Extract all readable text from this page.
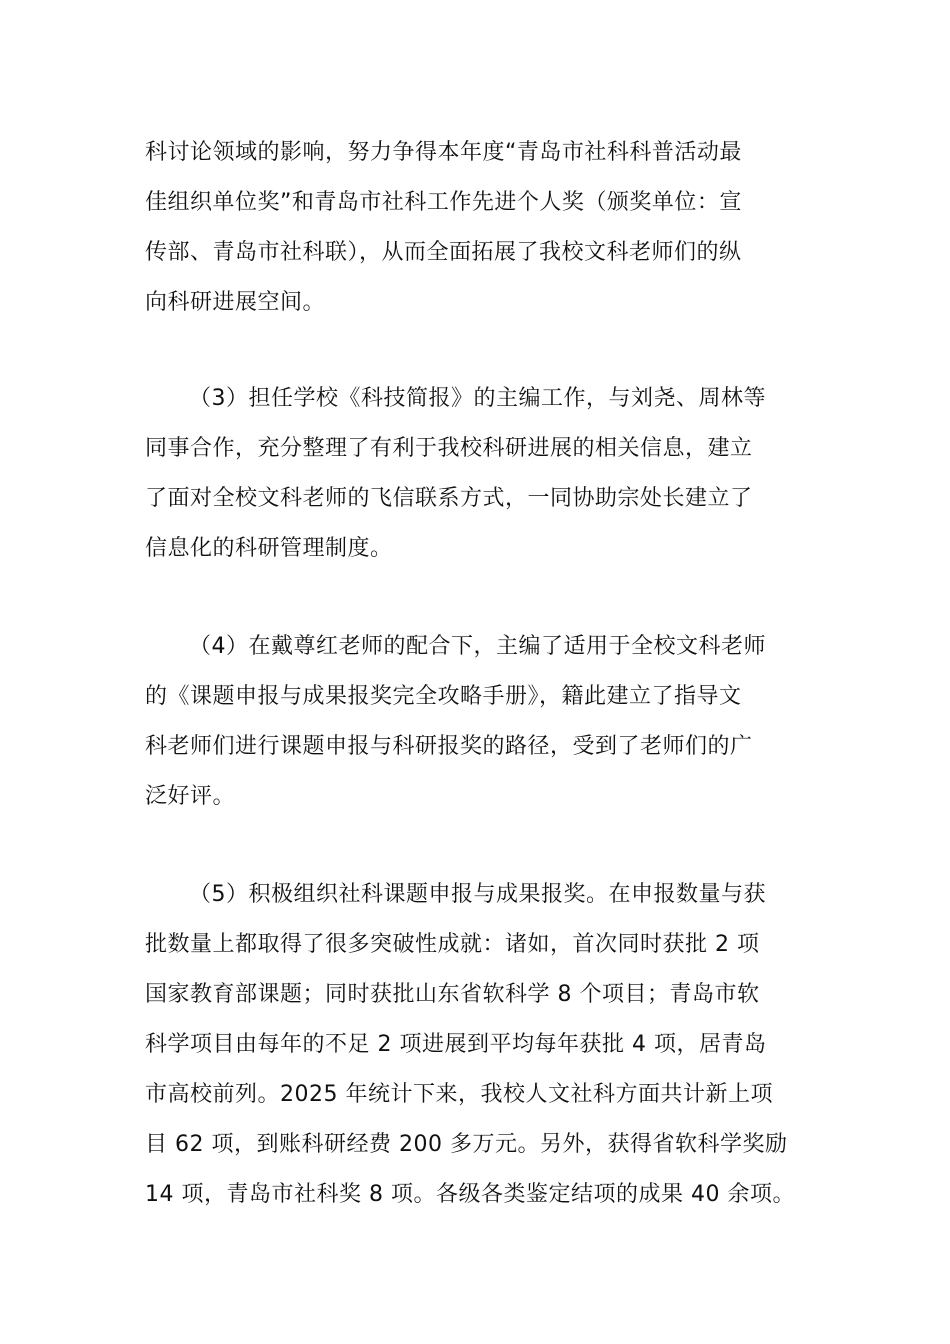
科讨论领域的影响，努力争得本年度“青岛市社科科普活动最
佳组织单位奖”和青岛市社科工作先进个人奖（颁奖单位：宣
传部、青岛市社科联），从而全面拓展了我校文科老师们的纵
向科研进展空间。
（3）担任学校《科技简报》的主编工作，与刘尧、周林等
同事合作，充分整理了有利于我校科研进展的相关信息，建立
了面对全校文科老师的飞信联系方式，一同协助宗处长建立了
信息化的科研管理制度。
（4）在戴尊红老师的配合下，主编了适用于全校文科老师
的《课题申报与成果报奖完全攻略手册》，籍此建立了指导文
科老师们进行课题申报与科研报奖的路径，受到了老师们的广
泛好评。
（5）积极组织社科课题申报与成果报奖。在申报数量与获
批数量上都取得了很多突破性成就：诸如，首次同时获批 2 项
国家教育部课题；同时获批山东省软科学 8 个项目；青岛市软
科学项目由每年的不足 2 项进展到平均每年获批 4 项，居青岛
市高校前列。2025 年统计下来，我校人文社科方面共计新上项
目 62 项，到账科研经费 200 多万元。另外，获得省软科学奖励
14 项，青岛市社科奖 8 项。各级各类鉴定结项的成果 40 余项。
